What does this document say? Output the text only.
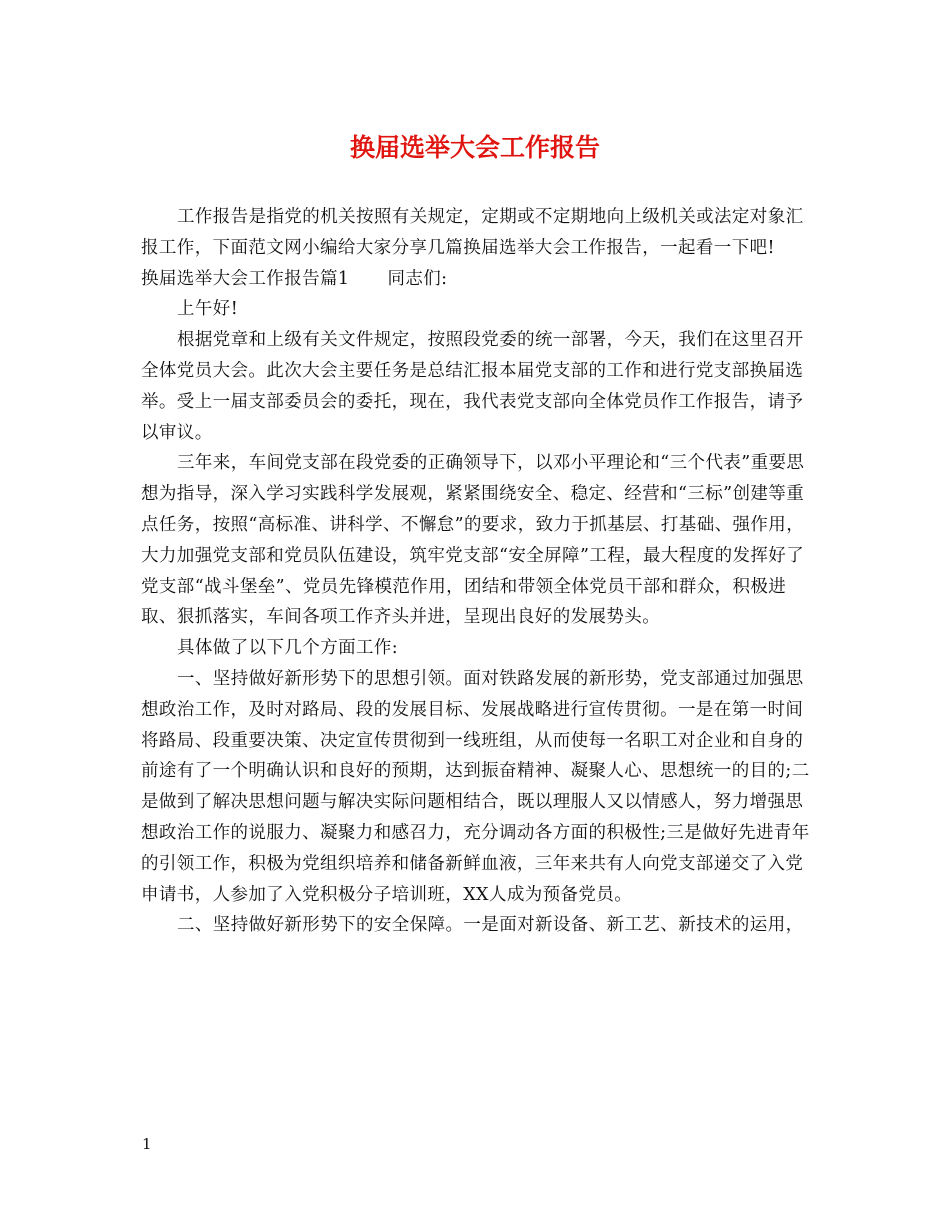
换届选举大会工作报告

工作报告是指党的机关按照有关规定，定期或不定期地向上级机关或法定对象汇报工作，下面范文网小编给大家分享几篇换届选举大会工作报告，一起看一下吧!

换届选举大会工作报告篇1 同志们:

上午好!

根据党章和上级有关文件规定，按照段党委的统一部署，今天，我们在这里召开全体党员大会。此次大会主要任务是总结汇报本届党支部的工作和进行党支部换届选举。受上一届支部委员会的委托，现在，我代表党支部向全体党员作工作报告，请予以审议。

三年来，车间党支部在段党委的正确领导下，以邓小平理论和“三个代表”重要思想为指导，深入学习实践科学发展观，紧紧围绕安全、稳定、经营和“三标”创建等重点任务，按照“高标准、讲科学、不懈怠”的要求，致力于抓基层、打基础、强作用，大力加强党支部和党员队伍建设，筑牢党支部“安全屏障”工程，最大程度的发挥好了党支部“战斗堡垒”、党员先锋模范作用，团结和带领全体党员干部和群众，积极进取、狠抓落实，车间各项工作齐头并进，呈现出良好的发展势头。

具体做了以下几个方面工作:

一、坚持做好新形势下的思想引领。面对铁路发展的新形势，党支部通过加强思想政治工作，及时对路局、段的发展目标、发展战略进行宣传贯彻。一是在第一时间将路局、段重要决策、决定宣传贯彻到一线班组，从而使每一名职工对企业和自身的前途有了一个明确认识和良好的预期，达到振奋精神、凝聚人心、思想统一的目的;二是做到了解决思想问题与解决实际问题相结合，既以理服人又以情感人，努力增强思想政治工作的说服力、凝聚力和感召力，充分调动各方面的积极性;三是做好先进青年的引领工作，积极为党组织培养和储备新鲜血液，三年来共有人向党支部递交了入党申请书，人参加了入党积极分子培训班，XX人成为预备党员。

二、坚持做好新形势下的安全保障。一是面对新设备、新工艺、新技术的运用，

1
